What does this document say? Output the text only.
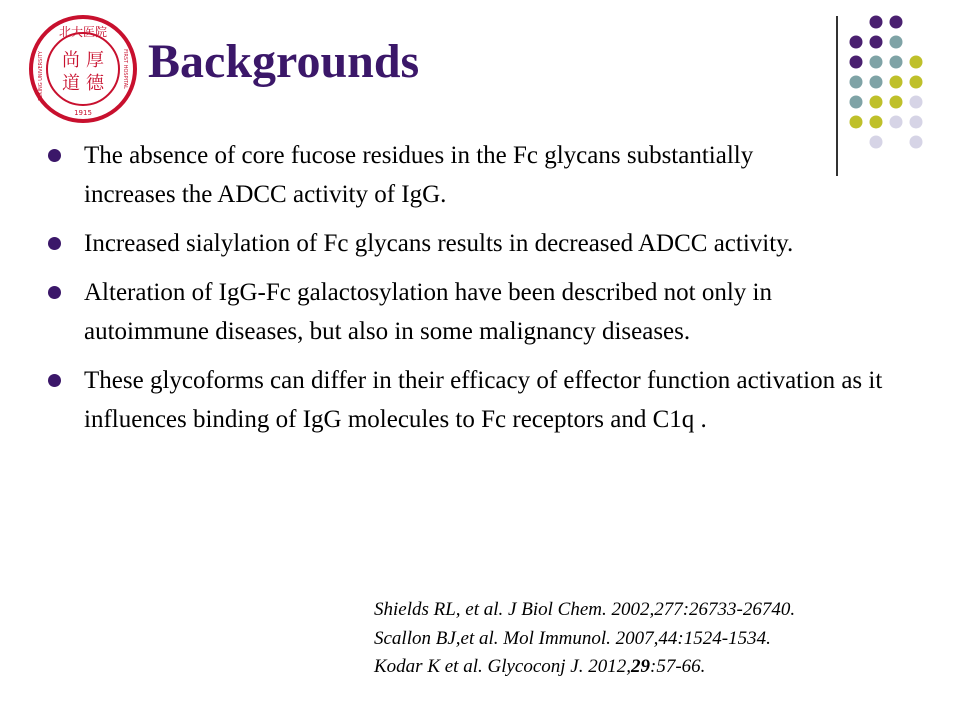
北大医院
尚 厚
道 德
PEKING UNIVERSITY	FIRST HOSPITAL
1915
Backgrounds
The absence of core fucose residues in the Fc glycans substantially increases the ADCC activity of IgG.
Increased sialylation of Fc glycans results in decreased ADCC activity.
Alteration of IgG-Fc galactosylation have been described not only in autoimmune diseases, but also in some malignancy diseases.
These glycoforms can differ in their efficacy of effector function activation as it influences binding of IgG molecules to Fc receptors and C1q .
Shields RL, et al. J Biol Chem. 2002,277:26733-26740.
Scallon BJ,et al. Mol Immunol. 2007,44:1524-1534.
Kodar K et al. Glycoconj J. 2012,29:57-66.
